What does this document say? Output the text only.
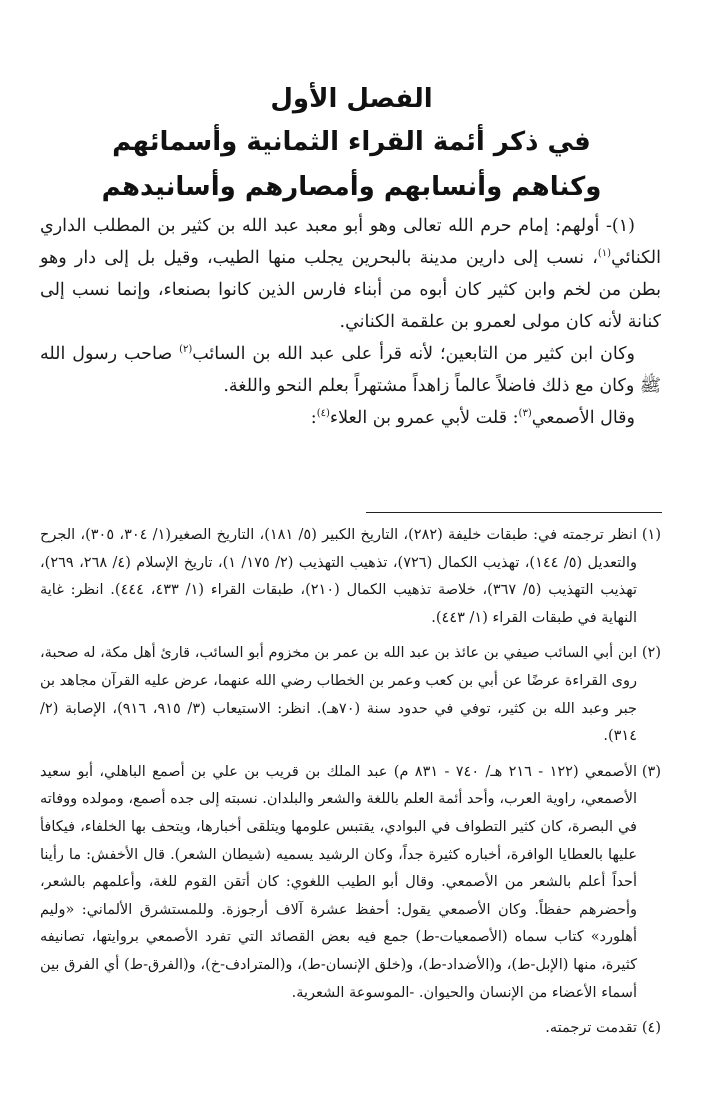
الفصل الأول
في ذكر أئمة القراء الثمانية وأسمائهم
وكناهم وأنسابهم وأمصارهم وأسانيدهم

(١)- أولهم: إمام حرم الله تعالى وهو أبو معبد عبد الله بن كثير بن المطلب الداري الكنائي$^{(١)}$، نسب إلى دارين مدينة بالبحرين يجلب منها الطيب، وقيل بل إلى دار وهو بطن من لخم وابن كثير كان أبوه من أبناء فارس الذين كانوا بصنعاء، وإنما نسب إلى كنانة لأنه كان مولى لعمرو بن علقمة الكناني.

وكان ابن كثير من التابعين؛ لأنه قرأ على عبد الله بن السائب$^{(٢)}$ صاحب رسول الله ﷺ وكان مع ذلك فاضلاً عالماً زاهداً مشتهراً بعلم النحو واللغة.

وقال الأصمعي$^{(٣)}$: قلت لأبي عمرو بن العلاء$^{(٤)}$:

(١)
انظر ترجمته في: طبقات خليفة (٢٨٢)، التاريخ الكبير (٥/ ١٨١)، التاريخ الصغير(١/ ٣٠٤، ٣٠٥)، الجرح والتعديل (٥/ ١٤٤)، تهذيب الكمال (٧٢٦)، تذهيب التهذيب (٢/ ١٧٥/ ١)، تاريخ الإسلام (٤/ ٢٦٨، ٢٦٩)، تهذيب التهذيب (٥/ ٣٦٧)، خلاصة تذهيب الكمال (٢١٠)، طبقات القراء (١/ ٤٣٣، ٤٤٤). انظر: غاية النهاية في طبقات القراء (١/ ٤٤٣).
(٢)
ابن أبي السائب صيفي بن عائذ بن عبد الله بن عمر بن مخزوم أبو السائب، قارئ أهل مكة، له صحبة، روى القراءة عرضًا عن أبي بن كعب وعمر بن الخطاب رضي الله عنهما، عرض عليه القرآن مجاهد بن جبر وعبد الله بن كثير، توفي في حدود سنة (٧٠هـ). انظر: الاستيعاب (٣/ ٩١٥، ٩١٦)، الإصابة (٢/ ٣١٤).
(٣)
الأصمعي (١٢٢ - ٢١٦ هـ/ ٧٤٠ - ٨٣١ م) عبد الملك بن قريب بن علي بن أصمع الباهلي، أبو سعيد الأصمعي، راوية العرب، وأحد أئمة العلم باللغة والشعر والبلدان. نسبته إلى جده أصمع، ومولده ووفاته في البصرة، كان كثير التطواف في البوادي، يقتبس علومها ويتلقى أخبارها، ويتحف بها الخلفاء، فيكافأ عليها بالعطايا الوافرة، أخباره كثيرة جداً، وكان الرشيد يسميه (شيطان الشعر). قال الأخفش: ما رأينا أحداً أعلم بالشعر من الأصمعي. وقال أبو الطيب اللغوي: كان أتقن القوم للغة، وأعلمهم بالشعر، وأحضرهم حفظاً. وكان الأصمعي يقول: أحفظ عشرة آلاف أرجوزة. وللمستشرق الألماني: «وليم أهلورد» كتاب سماه (الأصمعيات-ط) جمع فيه بعض القصائد التي تفرد الأصمعي بروايتها، تصانيفه كثيرة، منها (الإبل-ط)، و(الأضداد-ط)، و(خلق الإنسان-ط)، و(المترادف-خ)، و(الفرق-ط) أي الفرق بين أسماء الأعضاء من الإنسان والحيوان. -الموسوعة الشعرية.
(٤)
تقدمت ترجمته.
